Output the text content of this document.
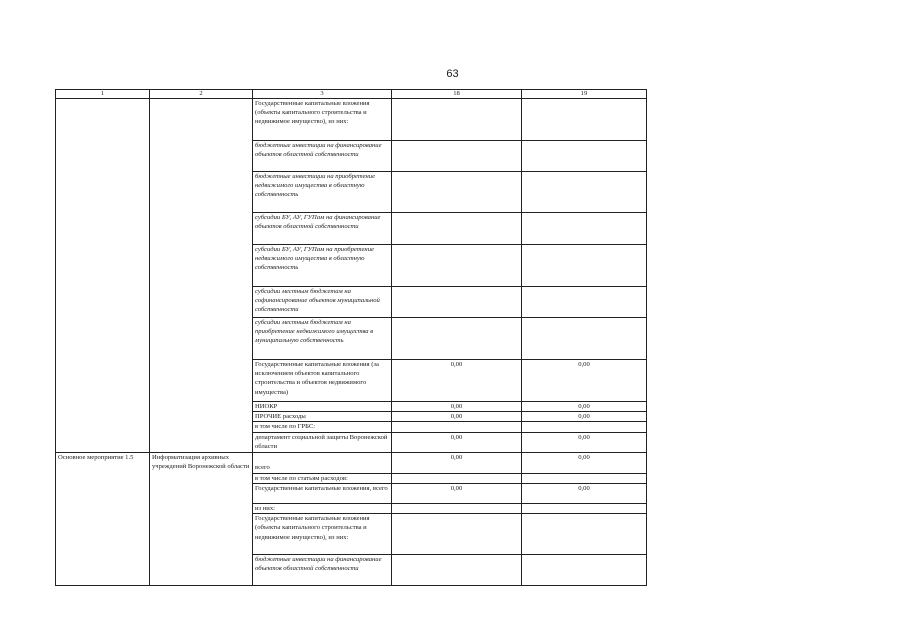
63
1	2	3	18	19
		Государственные капитальные вложения (объекты капитального строительства и недвижимое имущество), из них:		
		бюджетные инвестиции на финансирование объектов областной собственности		
		бюджетные инвестиции на приобретение недвижимого имущества в областную собственность		
		субсидии БУ, АУ, ГУПам на финансирование объектов областной собственности		
		субсидии БУ, АУ, ГУПам на приобретение недвижимого имущества в областную собственность		
		субсидии местным бюджетам на софинансирование объектов муниципальной собственности		
		субсидии местным бюджетам на приобретение недвижимого имущества в муниципальную собственность		
		Государственные капитальные вложения (за исключением объектов капитального строительства и объектов недвижимого имущества)	0,00	0,00
		НИОКР	0,00	0,00
		ПРОЧИЕ расходы	0,00	0,00
		в том числе по ГРБС:		
		департамент социальной защиты Воронежской области	0,00	0,00
Основное мероприятие 1.5	Информатизация архивных учреждений Воронежской области	всего	0,00	0,00
		в том числе по статьям расходов:		
		Государственные капитальные вложения, всего	0,00	0,00
		из них:		
		Государственные капитальные вложения (объекты капитального строительства и недвижимое имущество), из них:		
		бюджетные инвестиции на финансирование объектов областной собственности		
